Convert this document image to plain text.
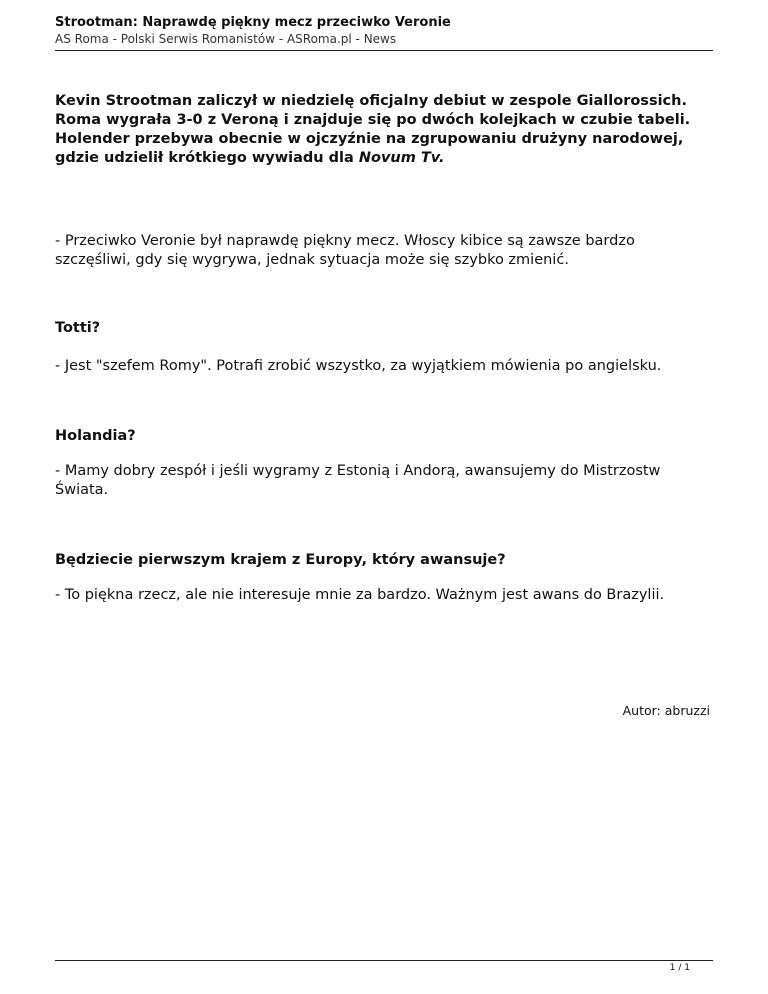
Strootman: Naprawdę piękny mecz przeciwko Veronie
AS Roma - Polski Serwis Romanistów - ASRoma.pl - News
Kevin Strootman zaliczył w niedzielę oficjalny debiut w zespole Giallorossich. Roma wygrała 3-0 z Veroną i znajduje się po dwóch kolejkach w czubie tabeli. Holender przebywa obecnie w ojczyźnie na zgrupowaniu drużyny narodowej, gdzie udzielił krótkiego wywiadu dla Novum Tv.
- Przeciwko Veronie był naprawdę piękny mecz. Włoscy kibice są zawsze bardzo szczęśliwi, gdy się wygrywa, jednak sytuacja może się szybko zmienić.
Totti?
- Jest "szefem Romy". Potrafi zrobić wszystko, za wyjątkiem mówienia po angielsku.
Holandia?
- Mamy dobry zespół i jeśli wygramy z Estonią i Andorą, awansujemy do Mistrzostw Świata.
Będziecie pierwszym krajem z Europy, który awansuje?
- To piękna rzecz, ale nie interesuje mnie za bardzo. Ważnym jest awans do Brazylii.
Autor: abruzzi
1 / 1
